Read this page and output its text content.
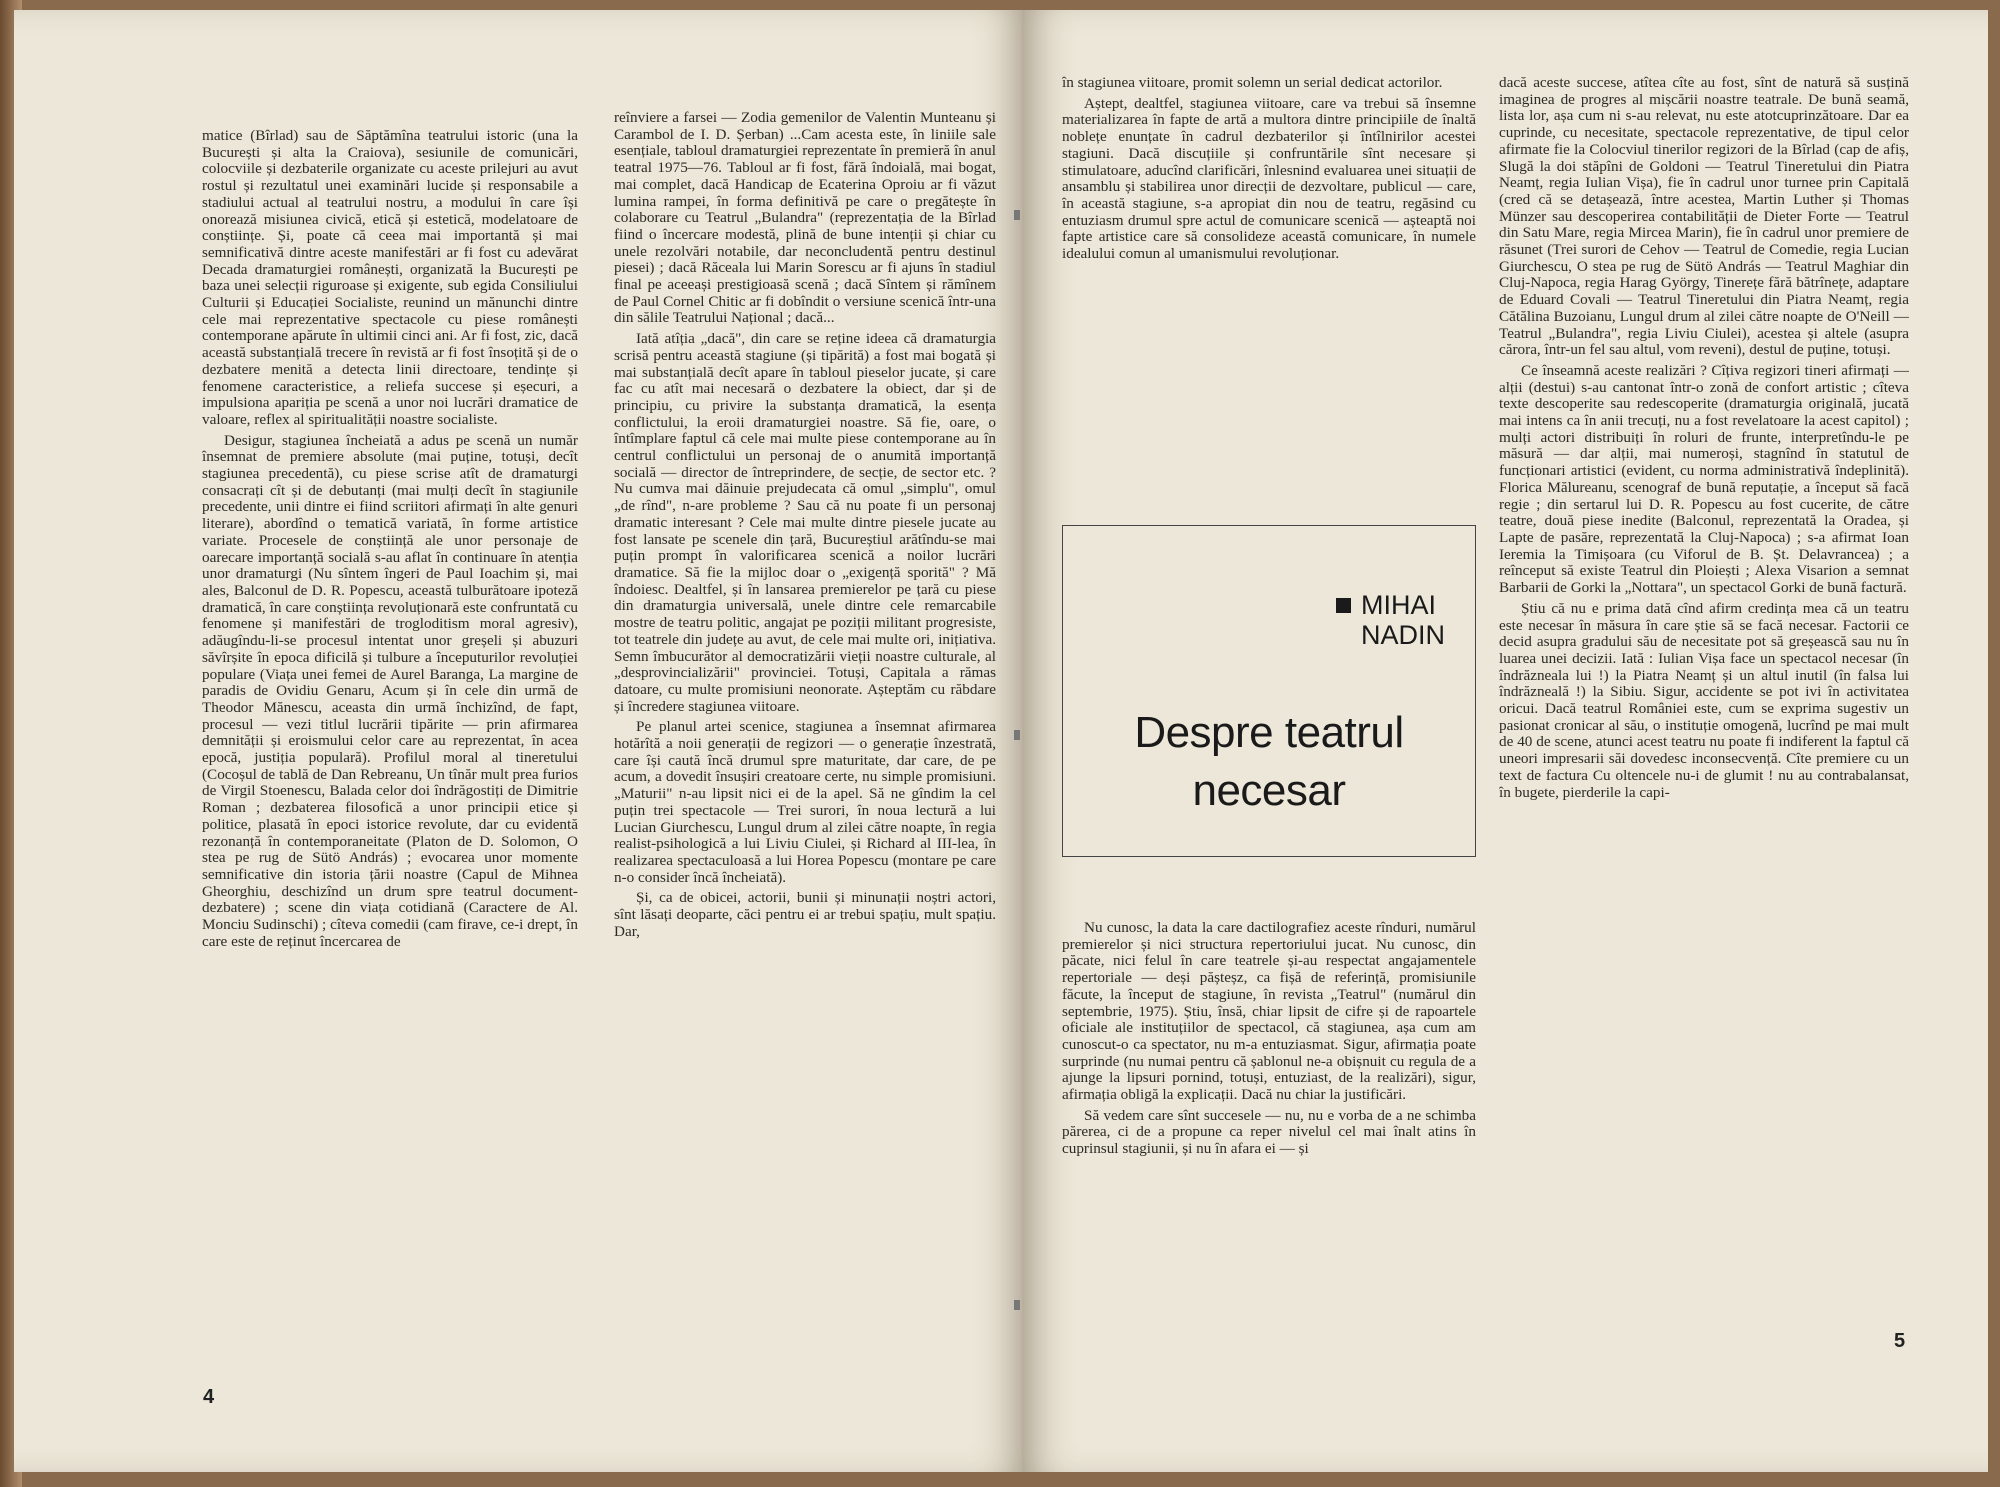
matice (Bîrlad) sau de Săptămîna teatrului istoric (una la București și alta la Craiova), sesiunile de comunicări, colocviile și dezbaterile organizate cu aceste prilejuri au avut rostul și rezultatul unei examinări lucide și responsabile a stadiului actual al teatrului nostru, a modului în care își onorează misiunea civică, etică și estetică, modelatoare de conștiințe. Și, poate că ceea mai importantă și mai semnificativă dintre aceste manifestări ar fi fost cu adevărat Decada dramaturgiei românești, organizată la București pe baza unei selecții riguroase și exigente, sub egida Consiliului Culturii și Educației Socialiste, reunind un mănunchi dintre cele mai reprezentative spectacole cu piese românești contemporane apărute în ultimii cinci ani. Ar fi fost, zic, dacă această substanțială trecere în revistă ar fi fost însoțită și de o dezbatere menită a detecta linii directoare, tendințe și fenomene caracteristice, a reliefa succese și eșecuri, a impulsiona apariția pe scenă a unor noi lucrări dramatice de valoare, reflex al spiritualității noastre socialiste.

Desigur, stagiunea încheiată a adus pe scenă un număr însemnat de premiere absolute (mai puține, totuși, decît stagiunea precedentă), cu piese scrise atît de dramaturgi consacrați cît și de debutanți (mai mulți decît în stagiunile precedente, unii dintre ei fiind scriitori afirmați în alte genuri literare), abordînd o tematică variată, în forme artistice variate. Procesele de conștiință ale unor personaje de oarecare importanță socială s-au aflat în continuare în atenția unor dramaturgi (Nu sîntem îngeri de Paul Ioachim și, mai ales, Balconul de D. R. Popescu, această tulburătoare ipoteză dramatică, în care conștiința revoluționară este confruntată cu fenomene și manifestări de trogloditism moral agresiv), adăugîndu-li-se procesul intentat unor greșeli și abuzuri săvîrșite în epoca dificilă și tulbure a începuturilor revoluției populare (Viața unei femei de Aurel Baranga, La margine de paradis de Ovidiu Genaru, Acum și în cele din urmă de Theodor Mănescu, aceasta din urmă închizînd, de fapt, procesul — vezi titlul lucrării tipărite — prin afirmarea demnității și eroismului celor care au reprezentat, în acea epocă, justiția populară). Profilul moral al tineretului (Cocoșul de tablă de Dan Rebreanu, Un tînăr mult prea furios de Virgil Stoenescu, Balada celor doi îndrăgostiți de Dimitrie Roman ; dezbaterea filosofică a unor principii etice și politice, plasată în epoci istorice revolute, dar cu evidentă rezonanță în contemporaneitate (Platon de D. Solomon, O stea pe rug de Sütö András) ; evocarea unor momente semnificative din istoria țării noastre (Capul de Mihnea Gheorghiu, deschizînd un drum spre teatrul document-dezbatere) ; scene din viața cotidiană (Caractere de Al. Monciu Sudinschi) ; cîteva comedii (cam firave, ce-i drept, în care este de reținut încercarea de

reînviere a farsei — Zodia gemenilor de Valentin Munteanu și Carambol de I. D. Șerban) ...Cam acesta este, în liniile sale esențiale, tabloul dramaturgiei reprezentate în premieră în anul teatral 1975—76. Tabloul ar fi fost, fără îndoială, mai bogat, mai complet, dacă Handicap de Ecaterina Oproiu ar fi văzut lumina rampei, în forma definitivă pe care o pregătește în colaborare cu Teatrul „Bulandra" (reprezentația de la Bîrlad fiind o încercare modestă, plină de bune intenții și chiar cu unele rezolvări notabile, dar neconcludentă pentru destinul piesei) ; dacă Răceala lui Marin Sorescu ar fi ajuns în stadiul final pe aceeași prestigioasă scenă ; dacă Sîntem și rămînem de Paul Cornel Chitic ar fi dobîndit o versiune scenică într-una din sălile Teatrului Național ; dacă...

Iată atîția „dacă", din care se reține ideea că dramaturgia scrisă pentru această stagiune (și tipărită) a fost mai bogată și mai substanțială decît apare în tabloul pieselor jucate, și care fac cu atît mai necesară o dezbatere la obiect, dar și de principiu, cu privire la substanța dramatică, la esența conflictului, la eroii dramaturgiei noastre. Să fie, oare, o întîmplare faptul că cele mai multe piese contemporane au în centrul conflictului un personaj de o anumită importanță socială — director de întreprindere, de secție, de sector etc. ? Nu cumva mai dăinuie prejudecata că omul „simplu", omul „de rînd", n-are probleme ? Sau că nu poate fi un personaj dramatic interesant ? Cele mai multe dintre piesele jucate au fost lansate pe scenele din țară, Bucureștiul arătîndu-se mai puțin prompt în valorificarea scenică a noilor lucrări dramatice. Să fie la mijloc doar o „exigență sporită" ? Mă îndoiesc. Dealtfel, și în lansarea premierelor pe țară cu piese din dramaturgia universală, unele dintre cele remarcabile mostre de teatru politic, angajat pe poziții militant progresiste, tot teatrele din județe au avut, de cele mai multe ori, inițiativa. Semn îmbucurător al democratizării vieții noastre culturale, al „desprovincializării" provinciei. Totuși, Capitala a rămas datoare, cu multe promisiuni neonorate. Așteptăm cu răbdare și încredere stagiunea viitoare.

Pe planul artei scenice, stagiunea a însemnat afirmarea hotărîtă a noii generații de regizori — o generație înzestrată, care își caută încă drumul spre maturitate, dar care, de pe acum, a dovedit însușiri creatoare certe, nu simple promisiuni. „Maturii" n-au lipsit nici ei de la apel. Să ne gîndim la cel puțin trei spectacole — Trei surori, în noua lectură a lui Lucian Giurchescu, Lungul drum al zilei către noapte, în regia realist-psihologică a lui Liviu Ciulei, și Richard al III-lea, în realizarea spectaculoasă a lui Horea Popescu (montare pe care n-o consider încă încheiată).

Și, ca de obicei, actorii, bunii și minunații noștri actori, sînt lăsați deoparte, căci pentru ei ar trebui spațiu, mult spațiu. Dar,

4

în stagiunea viitoare, promit solemn un serial dedicat actorilor.

Aștept, dealtfel, stagiunea viitoare, care va trebui să însemne materializarea în fapte de artă a multora dintre principiile de înaltă noblețe enunțate în cadrul dezbaterilor și întîlnirilor acestei stagiuni. Dacă discuțiile și confruntările sînt necesare și stimulatoare, aducînd clarificări, înlesnind evaluarea unei situații de ansamblu și stabilirea unor direcții de dezvoltare, publicul — care, în această stagiune, s-a apropiat din nou de teatru, regăsind cu entuziasm drumul spre actul de comunicare scenică — așteaptă noi fapte artistice care să consolideze această comunicare, în numele idealului comun al umanismului revoluționar.

MIHAI
NADIN
Despre teatrul
necesar

Nu cunosc, la data la care dactilografiez aceste rînduri, numărul premierelor și nici structura repertoriului jucat. Nu cunosc, din păcate, nici felul în care teatrele și-au respectat angajamentele repertoriale — deși pășteșz, ca fișă de referință, promisiunile făcute, la început de stagiune, în revista „Teatrul" (numărul din septembrie, 1975). Știu, însă, chiar lipsit de cifre și de rapoartele oficiale ale instituțiilor de spectacol, că stagiunea, așa cum am cunoscut-o ca spectator, nu m-a entuziasmat. Sigur, afirmația poate surprinde (nu numai pentru că șablonul ne-a obișnuit cu regula de a ajunge la lipsuri pornind, totuși, entuziast, de la realizări), sigur, afirmația obligă la explicații. Dacă nu chiar la justificări.

Să vedem care sînt succesele — nu, nu e vorba de a ne schimba părerea, ci de a propune ca reper nivelul cel mai înalt atins în cuprinsul stagiunii, și nu în afara ei — și

dacă aceste succese, atîtea cîte au fost, sînt de natură să susțină imaginea de progres al mișcării noastre teatrale. De bună seamă, lista lor, așa cum ni s-au relevat, nu este atotcuprinzătoare. Dar ea cuprinde, cu necesitate, spectacole reprezentative, de tipul celor afirmate fie la Colocviul tinerilor regizori de la Bîrlad (cap de afiș, Slugă la doi stăpîni de Goldoni — Teatrul Tineretului din Piatra Neamț, regia Iulian Vișa), fie în cadrul unor turnee prin Capitală (cred că se detașează, între acestea, Martin Luther și Thomas Münzer sau descoperirea contabilității de Dieter Forte — Teatrul din Satu Mare, regia Mircea Marin), fie în cadrul unor premiere de răsunet (Trei surori de Cehov — Teatrul de Comedie, regia Lucian Giurchescu, O stea pe rug de Sütö András — Teatrul Maghiar din Cluj-Napoca, regia Harag György, Tinerețe fără bătrînețe, adaptare de Eduard Covali — Teatrul Tineretului din Piatra Neamț, regia Cătălina Buzoianu, Lungul drum al zilei către noapte de O'Neill — Teatrul „Bulandra", regia Liviu Ciulei), acestea și altele (asupra cărora, într-un fel sau altul, vom reveni), destul de puține, totuși.

Ce înseamnă aceste realizări ? Cîțiva regizori tineri afirmați — alții (destui) s-au cantonat într-o zonă de confort artistic ; cîteva texte descoperite sau redescoperite (dramaturgia originală, jucată mai intens ca în anii trecuți, nu a fost revelatoare la acest capitol) ; mulți actori distribuiți în roluri de frunte, interpretîndu-le pe măsură — dar alții, mai numeroși, stagnînd în statutul de funcționari artistici (evident, cu norma administrativă îndeplinită). Florica Mălureanu, scenograf de bună reputație, a început să facă regie ; din sertarul lui D. R. Popescu au fost cucerite, de către teatre, două piese inedite (Balconul, reprezentată la Oradea, și Lapte de pasăre, reprezentată la Cluj-Napoca) ; s-a afirmat Ioan Ieremia la Timișoara (cu Viforul de B. Șt. Delavrancea) ; a reînceput să existe Teatrul din Ploiești ; Alexa Visarion a semnat Barbarii de Gorki la „Nottara", un spectacol Gorki de bună factură.

Știu că nu e prima dată cînd afirm credința mea că un teatru este necesar în măsura în care știe să se facă necesar. Factorii ce decid asupra gradului său de necesitate pot să greșească sau nu în luarea unei decizii. Iată : Iulian Vișa face un spectacol necesar (în îndrăzneala lui !) la Piatra Neamț și un altul inutil (în falsa lui îndrăzneală !) la Sibiu. Sigur, accidente se pot ivi în activitatea oricui. Dacă teatrul României este, cum se exprima sugestiv un pasionat cronicar al său, o instituție omogenă, lucrînd pe mai mult de 40 de scene, atunci acest teatru nu poate fi indiferent la faptul că uneori impresarii săi dovedesc inconsecvență. Cîte premiere cu un text de factura Cu oltencele nu-i de glumit ! nu au contrabalansat, în bugete, pierderile la capi-

5
